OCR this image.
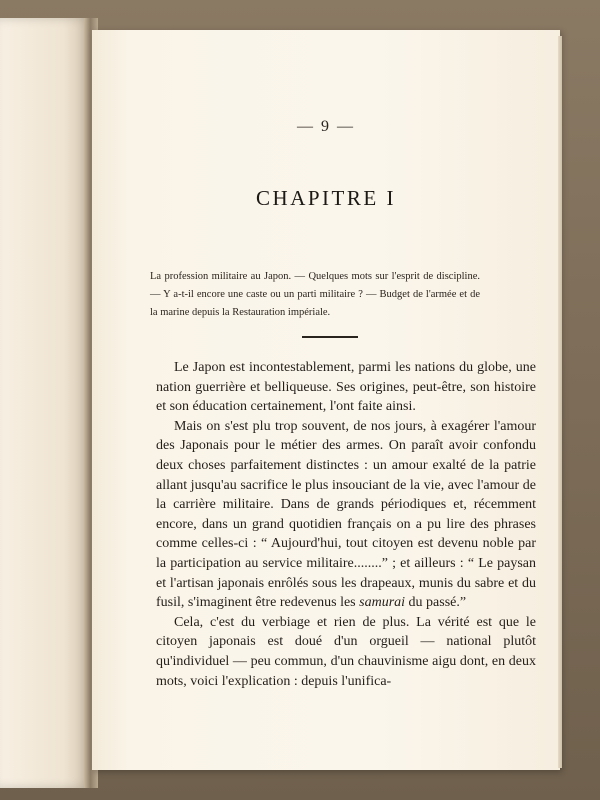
— 9 —
CHAPITRE I
La profession militaire au Japon. — Quelques mots sur l'esprit de discipline. — Y a-t-il encore une caste ou un parti militaire ? — Budget de l'armée et de la marine depuis la Restauration impériale.

Le Japon est incontestablement, parmi les nations du globe, une nation guerrière et belliqueuse. Ses origines, peut-être, son histoire et son éducation certainement, l'ont faite ainsi.

Mais on s'est plu trop souvent, de nos jours, à exagérer l'amour des Japonais pour le métier des armes. On paraît avoir confondu deux choses parfaitement distinctes : un amour exalté de la patrie allant jusqu'au sacrifice le plus insouciant de la vie, avec l'amour de la carrière militaire. Dans de grands périodiques et, récemment encore, dans un grand quotidien français on a pu lire des phrases comme celles-ci : “ Aujourd'hui, tout citoyen est devenu noble par la participation au service militaire........” ; et ailleurs : “ Le paysan et l'artisan japonais enrôlés sous les drapeaux, munis du sabre et du fusil, s'imaginent être redevenus les samurai du passé.”

Cela, c'est du verbiage et rien de plus. La vérité est que le citoyen japonais est doué d'un orgueil — national plutôt qu'individuel — peu commun, d'un chauvinisme aigu dont, en deux mots, voici l'explication : depuis l'unifica-
